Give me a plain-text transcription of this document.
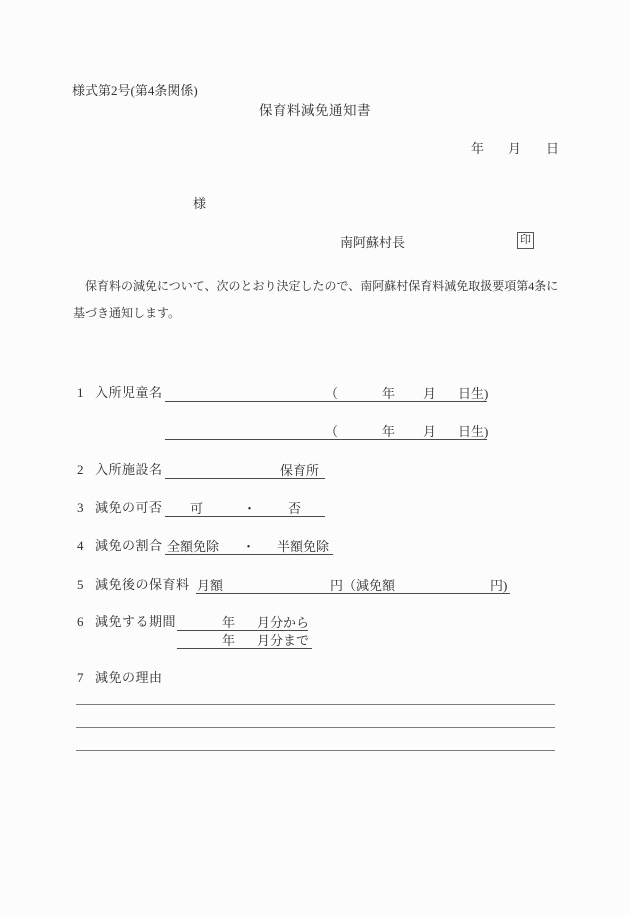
様式第2号(第4条関係)
保育料減免通知書
年 月 日
様
南阿蘇村長	印
　保育料の減免について、次のとおり決定したので、南阿蘇村保育料減免取扱要項第4条に
基づき通知します。
1 入所児童名	（	年 月 日生)
（	年 月 日生)
2 入所施設名	保育所
3 減免の可否 可	・ 否
4 減免の割合 全額免除 ・ 半額免除
5 減免後の保育料 月額	円（減免額	円)
6 減免する期間	年 月分から
年 月分まで
7 減免の理由
